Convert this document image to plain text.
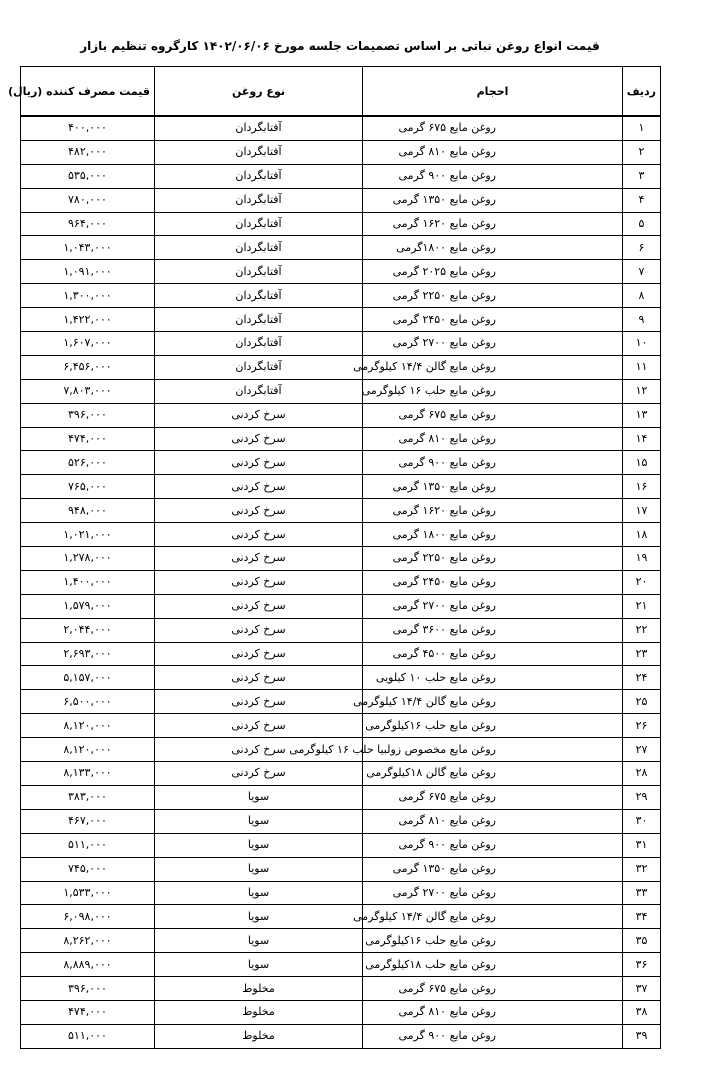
قیمت انواع روغن نباتی بر اساس تصمیمات جلسه مورخ ۱۴۰۲/۰۶/۰۶ کارگروه تنظیم بازار
ردیف	احجام	نوع روغن	قیمت مصرف کننده (ریال)
۱	روغن مایع ۶۷۵ گرمی	آفتابگردان	۴۰۰,۰۰۰
۲	روغن مایع ۸۱۰ گرمی	آفتابگردان	۴۸۲,۰۰۰
۳	روغن مایع ۹۰۰ گرمی	آفتابگردان	۵۳۵,۰۰۰
۴	روغن مایع ۱۳۵۰ گرمی	آفتابگردان	۷۸۰,۰۰۰
۵	روغن مایع ۱۶۲۰ گرمی	آفتابگردان	۹۶۴,۰۰۰
۶	روغن مایع ۱۸۰۰گرمی	آفتابگردان	۱,۰۴۳,۰۰۰
۷	روغن مایع ۲۰۲۵ گرمی	آفتابگردان	۱,۰۹۱,۰۰۰
۸	روغن مایع ۲۲۵۰ گرمی	آفتابگردان	۱,۳۰۰,۰۰۰
۹	روغن مایع ۲۴۵۰ گرمی	آفتابگردان	۱,۴۲۲,۰۰۰
۱۰	روغن مایع ۲۷۰۰ گرمی	آفتابگردان	۱,۶۰۷,۰۰۰
۱۱	روغن مایع گالن ۱۴/۴ کیلوگرمی	آفتابگردان	۶,۴۵۶,۰۰۰
۱۲	روغن مایع حلب ۱۶ کیلوگرمی	آفتابگردان	۷,۸۰۳,۰۰۰
۱۳	روغن مایع ۶۷۵ گرمی	سرخ کردنی	۳۹۶,۰۰۰
۱۴	روغن مایع ۸۱۰ گرمی	سرخ کردنی	۴۷۴,۰۰۰
۱۵	روغن مایع ۹۰۰ گرمی	سرخ کردنی	۵۲۶,۰۰۰
۱۶	روغن مایع ۱۳۵۰ گرمی	سرخ کردنی	۷۶۵,۰۰۰
۱۷	روغن مایع ۱۶۲۰ گرمی	سرخ کردنی	۹۴۸,۰۰۰
۱۸	روغن مایع ۱۸۰۰ گرمی	سرخ کردنی	۱,۰۲۱,۰۰۰
۱۹	روغن مایع ۲۲۵۰ گرمی	سرخ کردنی	۱,۲۷۸,۰۰۰
۲۰	روغن مایع ۲۴۵۰ گرمی	سرخ کردنی	۱,۴۰۰,۰۰۰
۲۱	روغن مایع ۲۷۰۰ گرمی	سرخ کردنی	۱,۵۷۹,۰۰۰
۲۲	روغن مایع ۳۶۰۰ گرمی	سرخ کردنی	۲,۰۴۴,۰۰۰
۲۳	روغن مایع ۴۵۰۰ گرمی	سرخ کردنی	۲,۶۹۳,۰۰۰
۲۴	روغن مایع حلب ۱۰ کیلویی	سرخ کردنی	۵,۱۵۷,۰۰۰
۲۵	روغن مایع گالن ۱۴/۴ کیلوگرمی	سرخ کردنی	۶,۵۰۰,۰۰۰
۲۶	روغن مایع حلب ۱۶کیلوگرمی	سرخ کردنی	۸,۱۲۰,۰۰۰
۲۷	روغن مایع مخصوص زولبیا حلب ۱۶ کیلوگرمی	سرخ کردنی	۸,۱۲۰,۰۰۰
۲۸	روغن مایع گالن ۱۸کیلوگرمی	سرخ کردنی	۸,۱۳۳,۰۰۰
۲۹	روغن مایع ۶۷۵ گرمی	سویا	۳۸۳,۰۰۰
۳۰	روغن مایع ۸۱۰ گرمی	سویا	۴۶۷,۰۰۰
۳۱	روغن مایع ۹۰۰ گرمی	سویا	۵۱۱,۰۰۰
۳۲	روغن مایع ۱۳۵۰ گرمی	سویا	۷۴۵,۰۰۰
۳۳	روغن مایع ۲۷۰۰ گرمی	سویا	۱,۵۳۳,۰۰۰
۳۴	روغن مایع گالن ۱۴/۴ کیلوگرمی	سویا	۶,۰۹۸,۰۰۰
۳۵	روغن مایع حلب ۱۶کیلوگرمی	سویا	۸,۲۶۲,۰۰۰
۳۶	روغن مایع حلب ۱۸کیلوگرمی	سویا	۸,۸۸۹,۰۰۰
۳۷	روغن مایع ۶۷۵ گرمی	مخلوط	۳۹۶,۰۰۰
۳۸	روغن مایع ۸۱۰ گرمی	مخلوط	۴۷۴,۰۰۰
۳۹	روغن مایع ۹۰۰ گرمی	مخلوط	۵۱۱,۰۰۰
